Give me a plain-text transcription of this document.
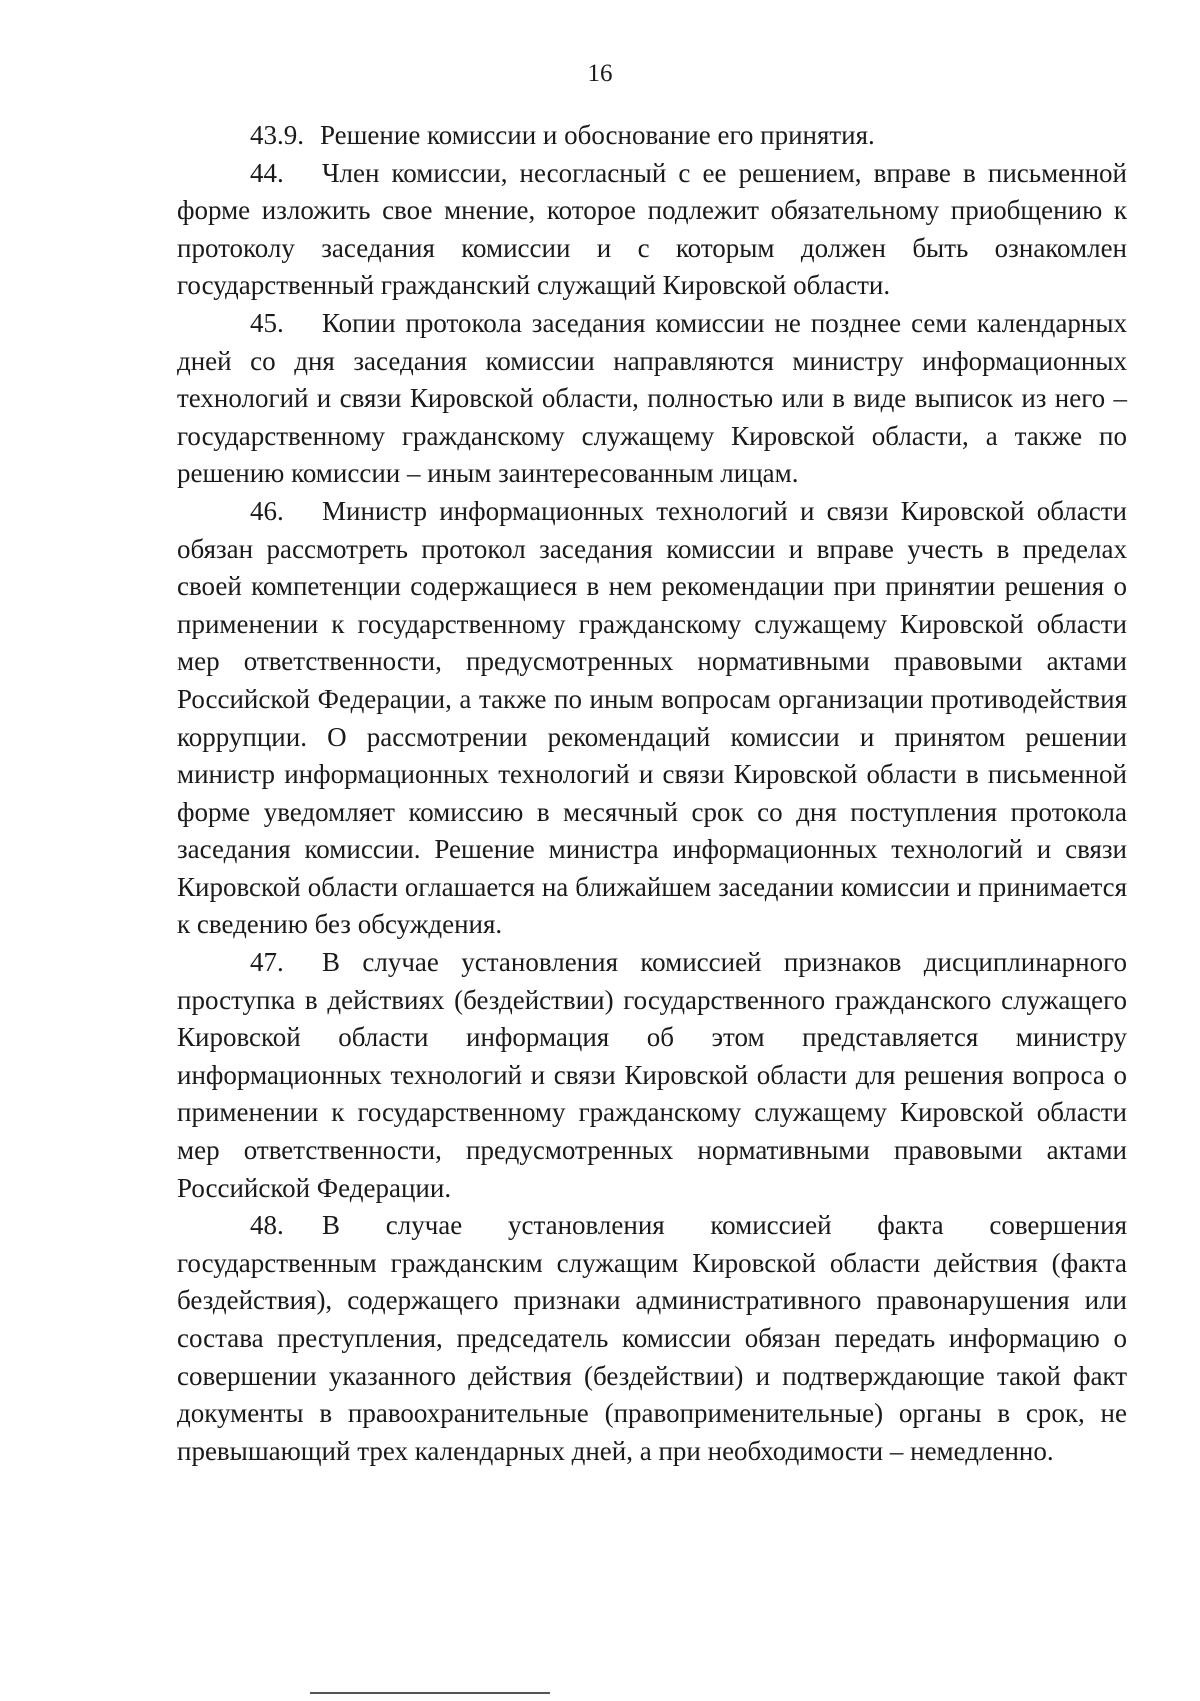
16

43.9. Решение комиссии и обоснование его принятия.

44. Член комиссии, несогласный с ее решением, вправе в письменной форме изложить свое мнение, которое подлежит обязательному приобщению к протоколу заседания комиссии и с которым должен быть ознакомлен государственный гражданский служащий Кировской области.

45. Копии протокола заседания комиссии не позднее семи календарных дней со дня заседания комиссии направляются министру информационных технологий и связи Кировской области, полностью или в виде выписок из него – государственному гражданскому служащему Кировской области, а также по решению комиссии – иным заинтересованным лицам.

46. Министр информационных технологий и связи Кировской области обязан рассмотреть протокол заседания комиссии и вправе учесть в пределах своей компетенции содержащиеся в нем рекомендации при принятии решения о применении к государственному гражданскому служащему Кировской области мер ответственности, предусмотренных нормативными правовыми актами Российской Федерации, а также по иным вопросам организации противодействия коррупции. О рассмотрении рекомендаций комиссии и принятом решении министр информационных технологий и связи Кировской области в письменной форме уведомляет комиссию в месячный срок со дня поступления протокола заседания комиссии. Решение министра информационных технологий и связи Кировской области оглашается на ближайшем заседании комиссии и принимается к сведению без обсуждения.

47. В случае установления комиссией признаков дисциплинарного проступка в действиях (бездействии) государственного гражданского служащего Кировской области информация об этом представляется министру информационных технологий и связи Кировской области для решения вопроса о применении к государственному гражданскому служащему Кировской области мер ответственности, предусмотренных нормативными правовыми актами Российской Федерации.

48. В случае установления комиссией факта совершения государственным гражданским служащим Кировской области действия (факта бездействия), содержащего признаки административного правонарушения или состава преступления, председатель комиссии обязан передать информацию о совершении указанного действия (бездействии) и подтверждающие такой факт документы в правоохранительные (правоприменительные) органы в срок, не превышающий трех календарных дней, а при необходимости – немедленно.
